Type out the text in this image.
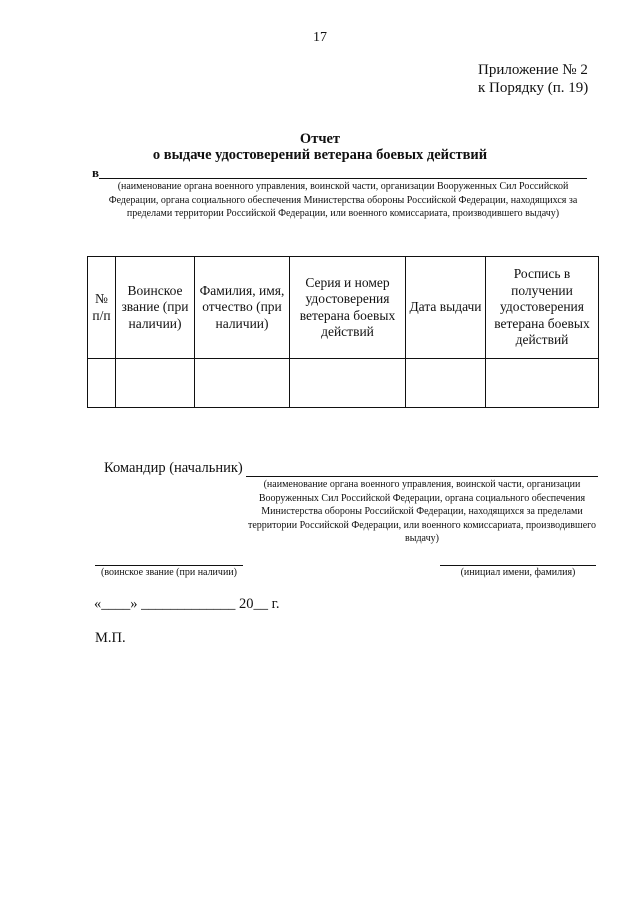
17
Приложение № 2
к Порядку (п. 19)
Отчет
о выдаче удостоверений ветерана боевых действий
в
(наименование органа военного управления, воинской части, организации Вооруженных Сил Российской Федерации, органа социального обеспечения Министерства обороны Российской Федерации, находящихся за пределами территории Российской Федерации, или военного комиссариата, производившего выдачу)
№ п/п	Воинское звание (при наличии)	Фамилия, имя, отчество (при наличии)	Серия и номер удостоверения ветерана боевых действий	Дата выдачи	Роспись в получении удостоверения ветерана боевых действий

Командир (начальник)
(наименование органа военного управления, воинской части, организации Вооруженных Сил Российской Федерации, органа социального обеспечения Министерства обороны Российской Федерации, находящихся за пределами территории Российской Федерации, или военного комиссариата, производившего выдачу)
(воинское звание (при наличии)	(инициал имени, фамилия)
«____» _____________ 20__ г.
М.П.
